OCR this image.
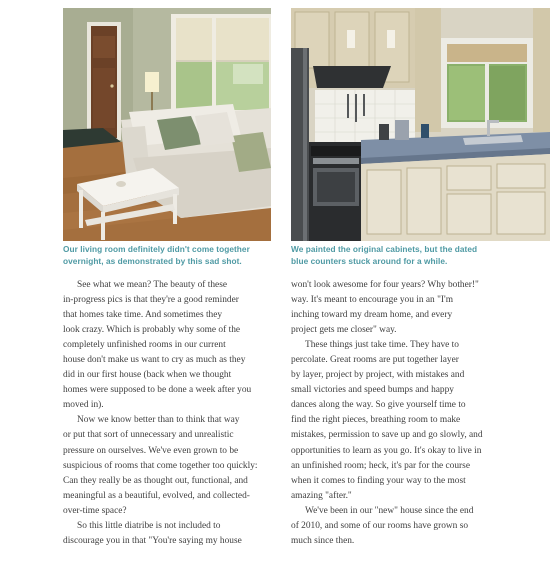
Our living room definitely didn't come together
overnight, as demonstrated by this sad shot.
We painted the original cabinets, but the dated
blue counters stuck around for a while.

See what we mean? The beauty of these
in-progress pics is that they're a good reminder
that homes take time. And sometimes they
look crazy. Which is probably why some of the
completely unfinished rooms in our current
house don't make us want to cry as much as they
did in our first house (back when we thought
homes were supposed to be done a week after you
moved in).

Now we know better than to think that way
or put that sort of unnecessary and unrealistic
pressure on ourselves. We've even grown to be
suspicious of rooms that come together too quickly:
Can they really be as thought out, functional, and
meaningful as a beautiful, evolved, and collected-
over-time space?

So this little diatribe is not included to
discourage you in that "You're saying my house

won't look awesome for four years? Why bother!"
way. It's meant to encourage you in an "I'm
inching toward my dream home, and every
project gets me closer" way.

These things just take time. They have to
percolate. Great rooms are put together layer
by layer, project by project, with mistakes and
small victories and speed bumps and happy
dances along the way. So give yourself time to
find the right pieces, breathing room to make
mistakes, permission to save up and go slowly, and
opportunities to learn as you go. It's okay to live in
an unfinished room; heck, it's par for the course
when it comes to finding your way to the most
amazing "after."

We've been in our "new" house since the end
of 2010, and some of our rooms have grown so
much since then.
